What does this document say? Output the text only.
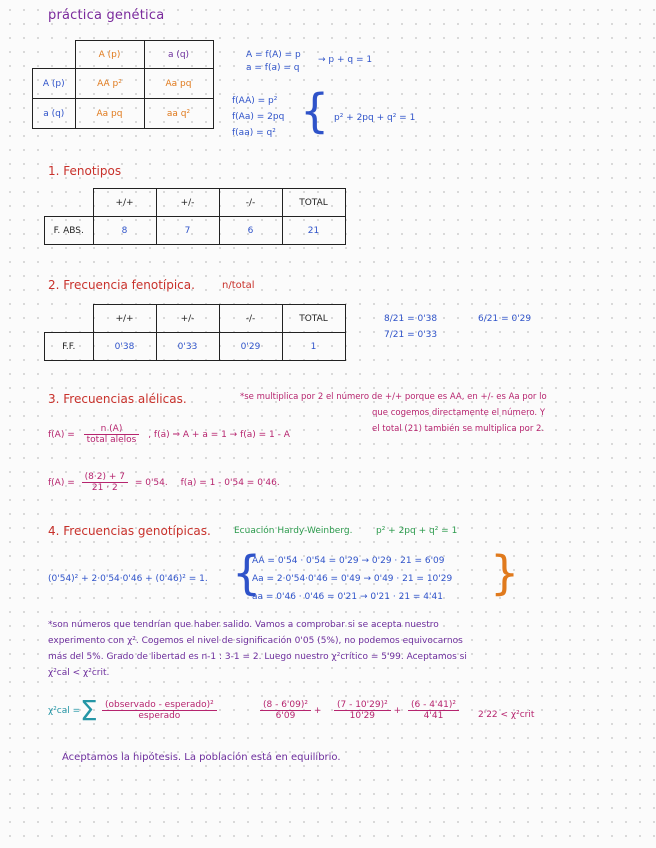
práctica genética
	A (p)	a (q)
A (p)	AA p²	Aa pq
a (q)	Aa pq	aa q²
A = f(A) = p
a = f(a) = q
→ p + q = 1
f(AA) = p²
f(Aa) = 2pq
f(aa) = q² { p² + 2pq + q² = 1
1. Fenotipos
	+/+	+/-	-/-	TOTAL
F. ABS.	8	7	6	21
2. Frecuencia fenotípica.	n/total
	+/+	+/-	-/-	TOTAL
F.F.	0'38	0'33	0'29	1
8/21 = 0'38	6/21 = 0'29
7/21 = 0'33
3. Frecuencias alélicas.	*se multiplica por 2 el número de +/+ porque es AA, en +/- es Aa por lo
que cogemos directamente el número. Y
el total (21) también se multiplica por 2.
$f(A) = \frac{n (A)}{\text{total alelos}}$ , f(a) ⇒ A + a = 1 → f(a) = 1 - A
$f(A) = \frac{(8\cdot 2) + 7}{21 \cdot 2} = 0'54$. f(a) = 1 - 0'54 = 0'46.
4. Frecuencias genotípicas.	Ecuación Hardy-Weinberg.	p² + 2pq + q² = 1
(0'54)² + 2·0'54·0'46 + (0'46)² = 1. {
AA = 0'54 · 0'54 = 0'29 → 0'29 · 21 = 6'09
Aa = 2·0'54·0'46 = 0'49 → 0'49 · 21 = 10'29
aa = 0'46 · 0'46 = 0'21 → 0'21 · 21 = 4'41 }
*son números que tendrían que haber salido. Vamos a comprobar si se acepta nuestro
experimento con χ². Cogemos el nivel de significación 0'05 (5%), no podemos equivocarnos
más del 5%. Grado de libertad es n-1 : 3-1 = 2. Luego nuestro χ²crítico = 5'99. Aceptamos si
χ²cal < χ²crit.
χ²cal = Σ $\frac{\text{(observado - esperado)²}}{\text{esperado}}$	$\frac{\text{(8 - 6'09)²}}{6'09} + \frac{\text{(7 - 10'29)²}}{10'29} + \frac{\text{(6 - 4'41)²}}{4'41} 2'22$ < χ²crit
Aceptamos la hipótesis. La población está en equilibrio.
